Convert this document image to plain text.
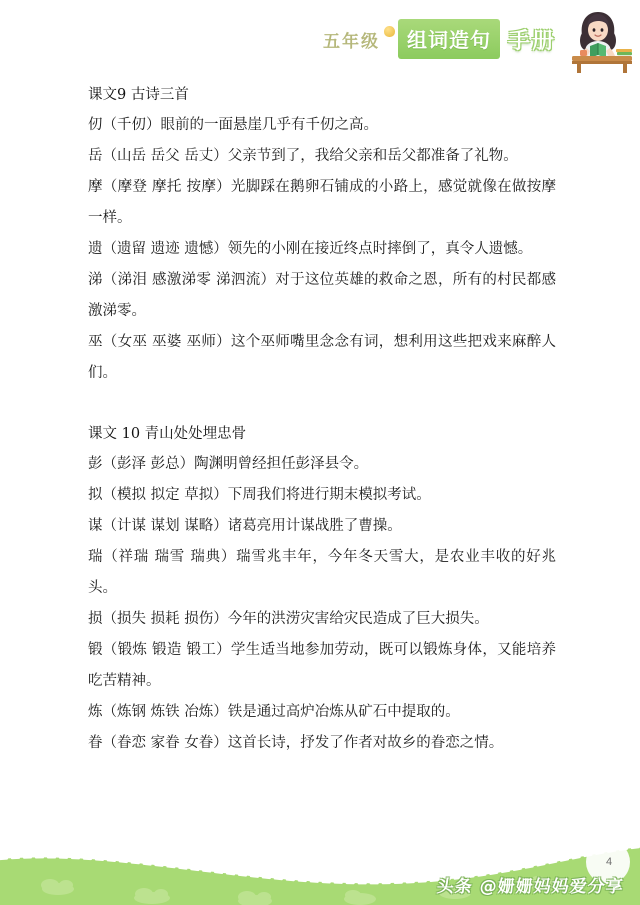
五年级	组词造句 手册
课文9 古诗三首

仞（千仞）眼前的一面悬崖几乎有千仞之高。

岳（山岳 岳父 岳丈）父亲节到了，我给父亲和岳父都准备了礼物。

摩（摩登 摩托 按摩）光脚踩在鹅卵石铺成的小路上，感觉就像在做按摩一样。

遗（遗留 遗迹 遗憾）领先的小刚在接近终点时摔倒了，真令人遗憾。

涕（涕泪 感激涕零 涕泗流）对于这位英雄的救命之恩，所有的村民都感激涕零。

巫（女巫 巫婆 巫师）这个巫师嘴里念念有词，想利用这些把戏来麻醉人们。

课文 10 青山处处埋忠骨

彭（彭泽 彭总）陶渊明曾经担任彭泽县令。

拟（模拟 拟定 草拟）下周我们将进行期末模拟考试。

谋（计谋 谋划 谋略）诸葛亮用计谋战胜了曹操。

瑞（祥瑞 瑞雪 瑞典）瑞雪兆丰年，今年冬天雪大，是农业丰收的好兆头。

损（损失 损耗 损伤）今年的洪涝灾害给灾民造成了巨大损失。

锻（锻炼 锻造 锻工）学生适当地参加劳动，既可以锻炼身体，又能培养吃苦精神。

炼（炼钢 炼铁 冶炼）铁是通过高炉冶炼从矿石中提取的。

眷（眷恋 家眷 女眷）这首长诗，抒发了作者对故乡的眷恋之情。

4
头条 @姗姗妈妈爱分享
